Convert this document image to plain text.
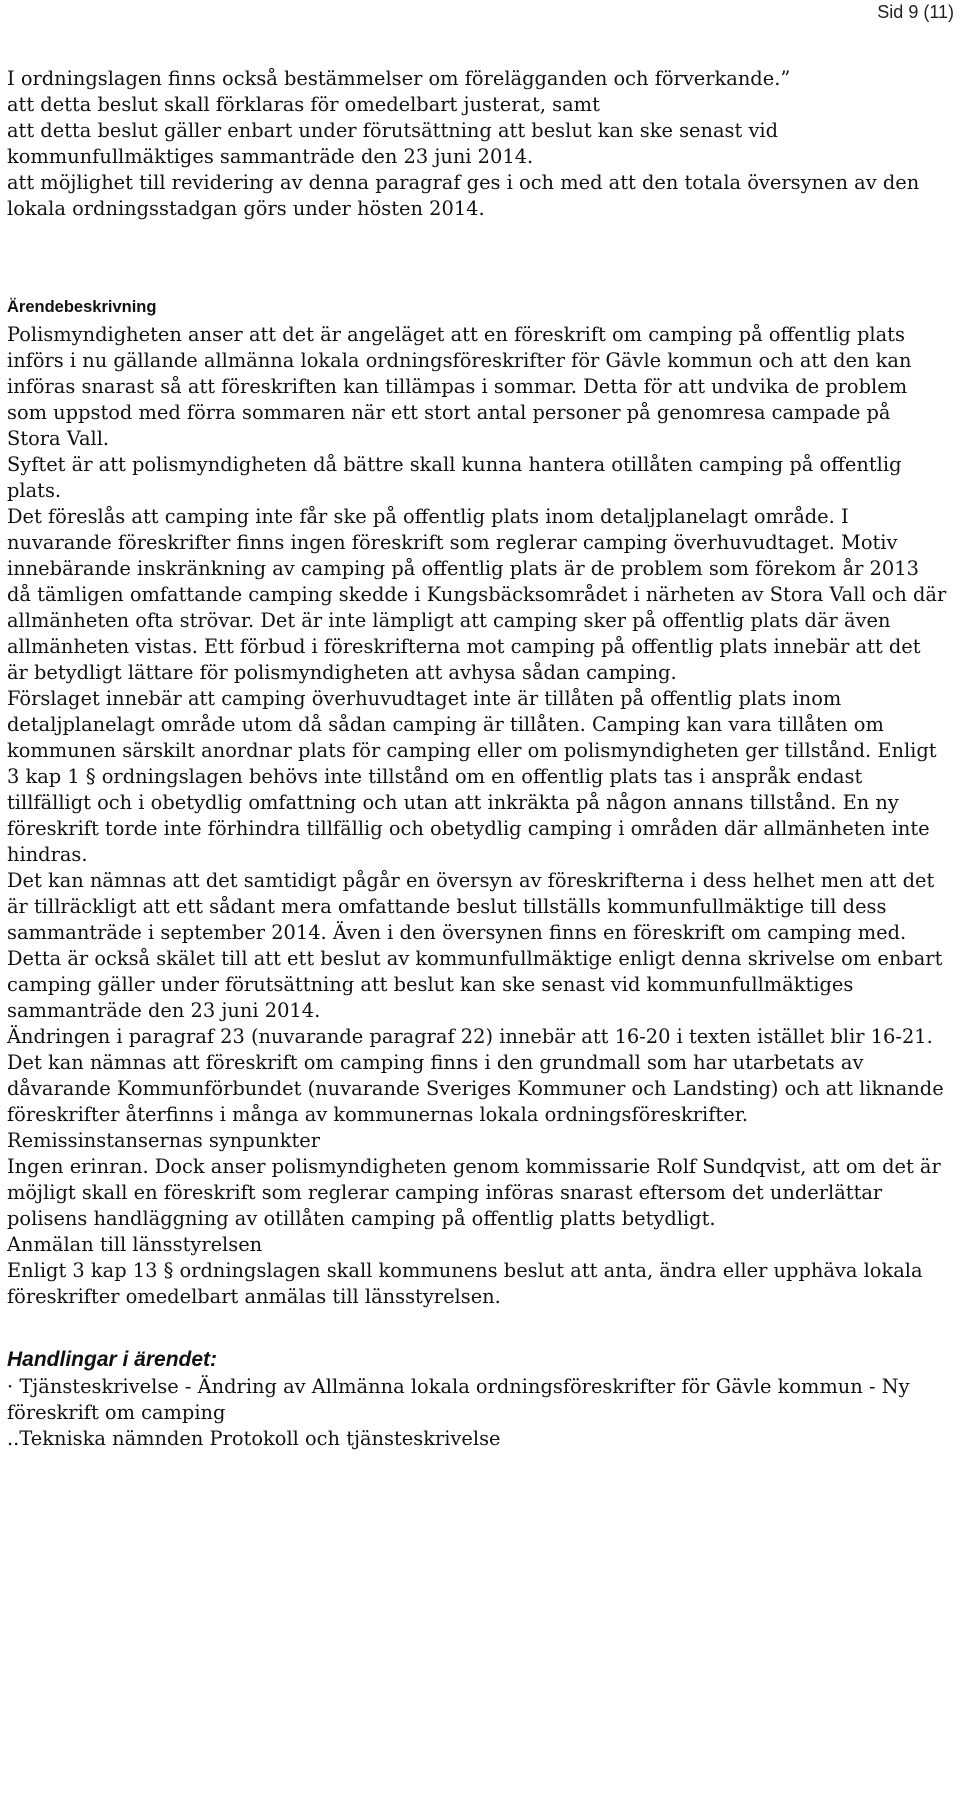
Sid 9 (11)

I ordningslagen finns också bestämmelser om förelägganden och förverkande.”

att detta beslut skall förklaras för omedelbart justerat, samt

att detta beslut gäller enbart under förutsättning att beslut kan ske senast vid kommunfullmäktiges sammanträde den 23 juni 2014.

att möjlighet till revidering av denna paragraf ges i och med att den totala översynen av den lokala ordningsstadgan görs under hösten 2014.

Ärendebeskrivning

Polismyndigheten anser att det är angeläget att en föreskrift om camping på offentlig plats införs i nu gällande allmänna lokala ordningsföreskrifter för Gävle kommun och att den kan införas snarast så att föreskriften kan tillämpas i sommar. Detta för att undvika de problem som uppstod med förra sommaren när ett stort antal personer på genomresa campade på Stora Vall.

Syftet är att polismyndigheten då bättre skall kunna hantera otillåten camping på offentlig plats.

Det föreslås att camping inte får ske på offentlig plats inom detaljplanelagt område. I nuvarande föreskrifter finns ingen föreskrift som reglerar camping överhuvudtaget. Motiv innebärande inskränkning av camping på offentlig plats är de problem som förekom år 2013 då tämligen omfattande camping skedde i Kungsbäcksområdet i närheten av Stora Vall och där allmänheten ofta strövar. Det är inte lämpligt att camping sker på offentlig plats där även allmänheten vistas. Ett förbud i föreskrifterna mot camping på offentlig plats innebär att det är betydligt lättare för polismyndigheten att avhysa sådan camping.

Förslaget innebär att camping överhuvudtaget inte är tillåten på offentlig plats inom detaljplanelagt område utom då sådan camping är tillåten. Camping kan vara tillåten om kommunen särskilt anordnar plats för camping eller om polismyndigheten ger tillstånd. Enligt 3 kap 1 § ordningslagen behövs inte tillstånd om en offentlig plats tas i anspråk endast tillfälligt och i obetydlig omfattning och utan att inkräkta på någon annans tillstånd. En ny föreskrift torde inte förhindra tillfällig och obetydlig camping i områden där allmänheten inte hindras.

Det kan nämnas att det samtidigt pågår en översyn av föreskrifterna i dess helhet men att det är tillräckligt att ett sådant mera omfattande beslut tillställs kommunfullmäktige till dess sammanträde i september 2014. Även i den översynen finns en föreskrift om camping med. Detta är också skälet till att ett beslut av kommunfullmäktige enligt denna skrivelse om enbart camping gäller under förutsättning att beslut kan ske senast vid kommunfullmäktiges sammanträde den 23 juni 2014.

Ändringen i paragraf 23 (nuvarande paragraf 22) innebär att 16-20 i texten istället blir 16-21.

Det kan nämnas att föreskrift om camping finns i den grundmall som har utarbetats av dåvarande Kommunförbundet (nuvarande Sveriges Kommuner och Landsting) och att liknande föreskrifter återfinns i många av kommunernas lokala ordningsföreskrifter.

Remissinstansernas synpunkter

Ingen erinran. Dock anser polismyndigheten genom kommissarie Rolf Sundqvist, att om det är möjligt skall en föreskrift som reglerar camping införas snarast eftersom det underlättar polisens handläggning av otillåten camping på offentlig platts betydligt.

Anmälan till länsstyrelsen

Enligt 3 kap 13 § ordningslagen skall kommunens beslut att anta, ändra eller upphäva lokala föreskrifter omedelbart anmälas till länsstyrelsen.

Handlingar i ärendet:
· Tjänsteskrivelse - Ändring av Allmänna lokala ordningsföreskrifter för Gävle kommun - Ny föreskrift om camping
..Tekniska nämnden Protokoll och tjänsteskrivelse
